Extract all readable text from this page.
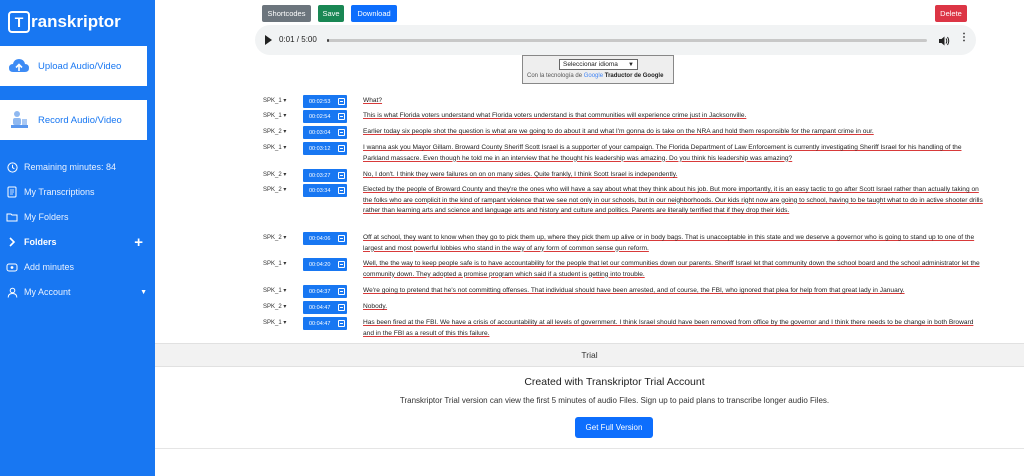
T ranskriptor
Upload Audio/Video
Record Audio/Video
Remaining minutes: 84
My Transcriptions
My Folders
Folders	+
Add minutes
My Account	▼
Shortcodes	Save	Download	Delete
0:01 / 5:00	⋮
Seleccionar idioma ▼
Con la tecnología de Google Traductor de Google
SPK_1 ▾	00:02:53	What?
SPK_1 ▾	00:02:54	This is what Florida voters understand what Florida voters understand is that communities will experience crime just in Jacksonville.
SPK_2 ▾	00:03:04	Earlier today six people shot the question is what are we going to do about it and what I'm gonna do is take on the NRA and hold them responsible for the rampant crime in our.
SPK_1 ▾	00:03:12	I wanna ask you Mayor Gillam. Broward County Sheriff Scott Israel is a supporter of your campaign. The Florida Department of Law Enforcement is currently investigating Sheriff Israel for his handling of the Parkland massacre. Even though he told me in an interview that he thought his leadership was amazing. Do you think his leadership was amazing?
SPK_2 ▾	00:03:27	No, I don't. I think they were failures on on on many sides. Quite frankly, I think Scott Israel is independently.
SPK_2 ▾	00:03:34	Elected by the people of Broward County and they're the ones who will have a say about what they think about his job. But more importantly, it is an easy tactic to go after Scott Israel rather than actually taking on the folks who are complicit in the kind of rampant violence that we see not only in our schools, but in our neighborhoods. Our kids right now are going to school, having to be taught what to do in active shooter drills rather than learning arts and science and language arts and history and culture and politics. Parents are literally terrified that if they drop their kids.
SPK_2 ▾	00:04:06	Off at school, they want to know when they go to pick them up, where they pick them up alive or in body bags. That is unacceptable in this state and we deserve a governor who is going to stand up to one of the largest and most powerful lobbies who stand in the way of any form of common sense gun reform.
SPK_1 ▾	00:04:20	Well, the the way to keep people safe is to have accountability for the people that let our communities down our parents. Sheriff Israel let that community down the school board and the school administrator let the community down. They adopted a promise program which said if a student is getting into trouble.
SPK_1 ▾	00:04:37	We're going to pretend that he's not committing offenses. That individual should have been arrested, and of course, the FBI, who ignored that plea for help from that great lady in January.
SPK_2 ▾	00:04:47	Nobody.
SPK_1 ▾	00:04:47	Has been fired at the FBI. We have a crisis of accountability at all levels of government. I think Israel should have been removed from office by the governor and I think there needs to be change in both Broward and in the FBI as a result of this this failure.
Trial
Created with Transkriptor Trial Account
Transkriptor Trial version can view the first 5 minutes of audio Files. Sign up to paid plans to transcribe longer audio Files.
Get Full Version
